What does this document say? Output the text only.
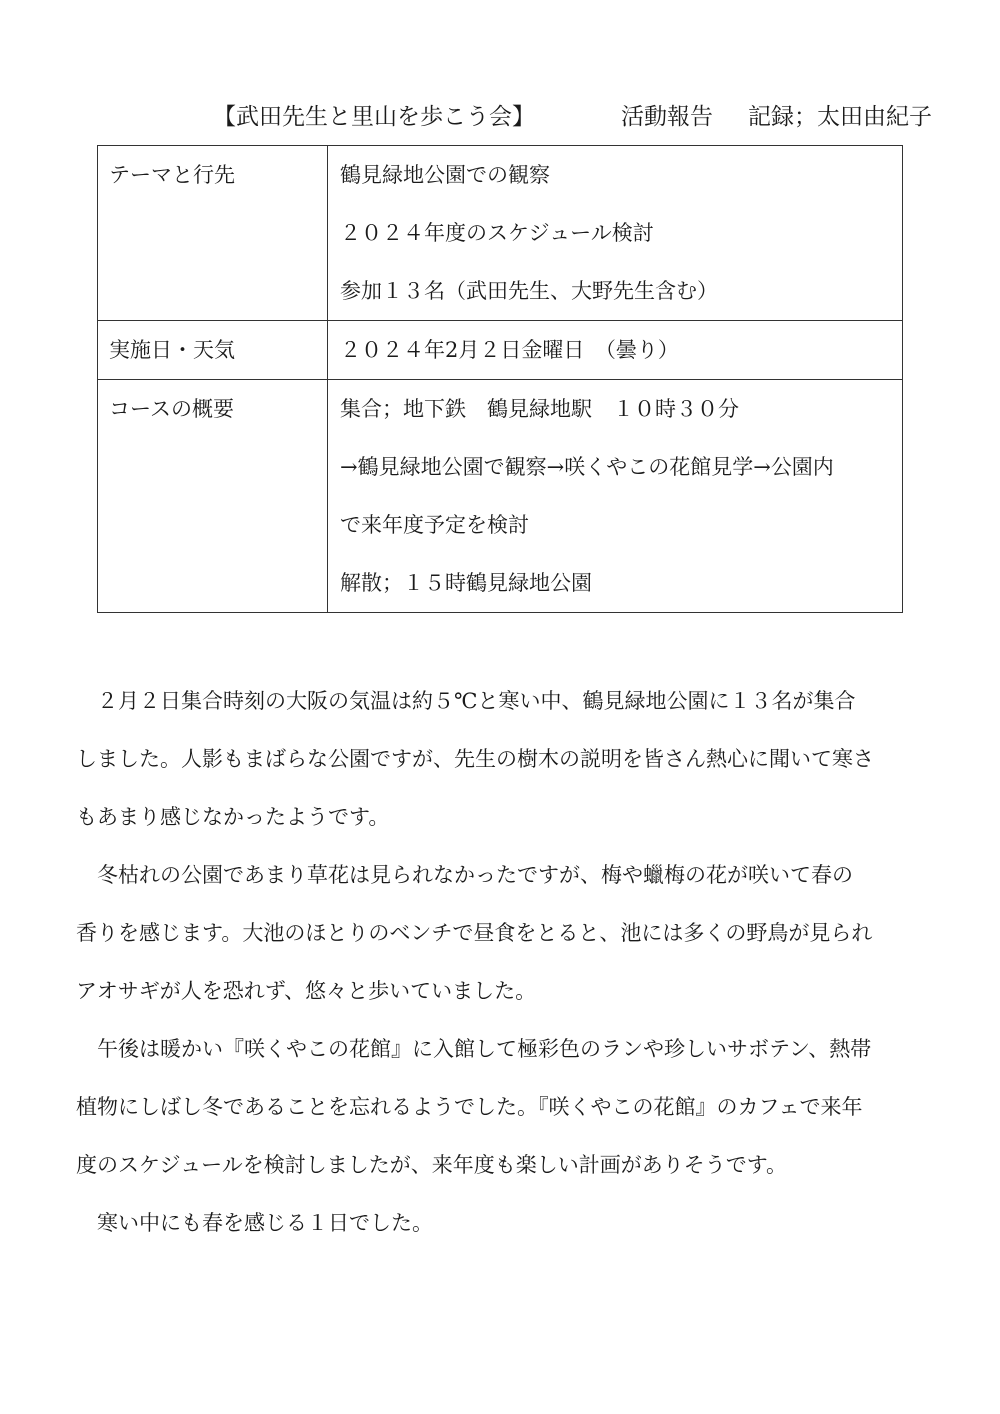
【武田先生と里山を歩こう会】	活動報告 記録；太田由紀子
テーマと行先	鶴見緑地公園での観察
２０２４年度のスケジュール検討
参加１３名（武田先生、大野先生含む）

実施日・天気	２０２４年2月２日金曜日　（曇り）

コースの概要	集合；地下鉄　鶴見緑地駅　１０時３０分
→鶴見緑地公園で観察→咲くやこの花館見学→公園内
で来年度予定を検討
解散；１５時鶴見緑地公園
　２月２日集合時刻の大阪の気温は約５℃と寒い中、鶴見緑地公園に１３名が集合
しました。人影もまばらな公園ですが、先生の樹木の説明を皆さん熱心に聞いて寒さ
もあまり感じなかったようです。
　冬枯れの公園であまり草花は見られなかったですが、梅や蠟梅の花が咲いて春の
香りを感じます。大池のほとりのベンチで昼食をとると、池には多くの野鳥が見られ
アオサギが人を恐れず、悠々と歩いていました。
　午後は暖かい『咲くやこの花館』に入館して極彩色のランや珍しいサボテン、熱帯
植物にしばし冬であることを忘れるようでした。『咲くやこの花館』のカフェで来年
度のスケジュールを検討しましたが、来年度も楽しい計画がありそうです。
　寒い中にも春を感じる１日でした。
